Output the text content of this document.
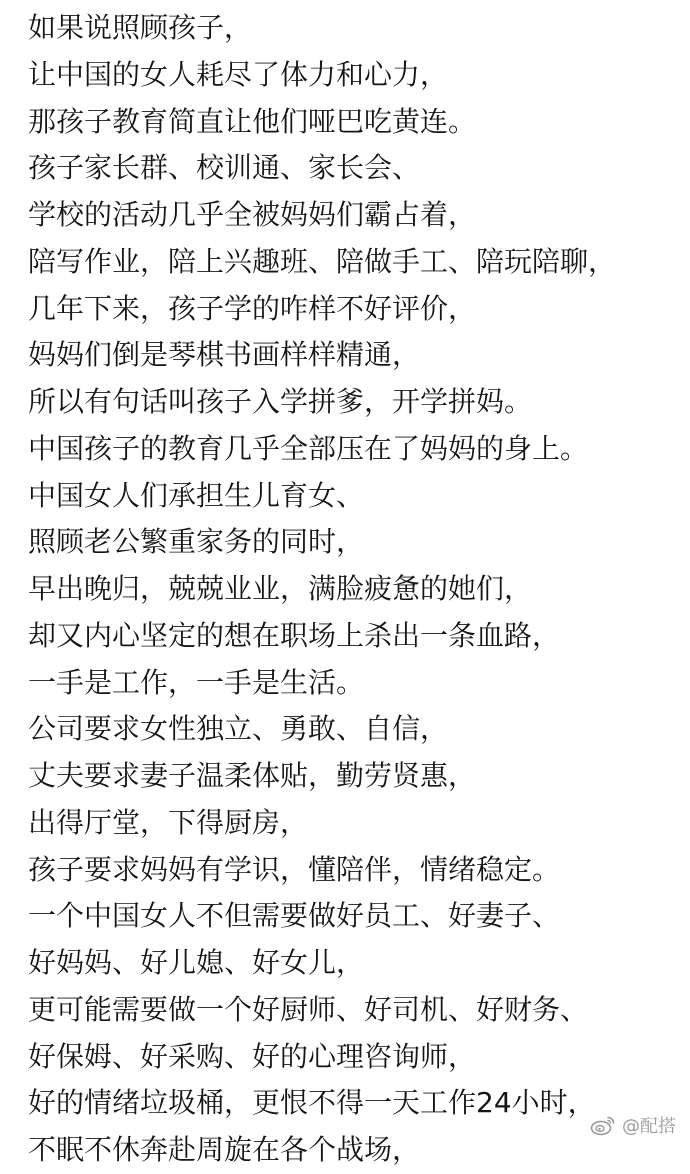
如果说照顾孩子，
让中国的女人耗尽了体力和心力，
那孩子教育简直让他们哑巴吃黄连。
孩子家长群、校训通、家长会、
学校的活动几乎全被妈妈们霸占着，
陪写作业，陪上兴趣班、陪做手工、陪玩陪聊，
几年下来，孩子学的咋样不好评价，
妈妈们倒是琴棋书画样样精通，
所以有句话叫孩子入学拼爹，开学拼妈。
中国孩子的教育几乎全部压在了妈妈的身上。
中国女人们承担生儿育女、
照顾老公繁重家务的同时，
早出晚归，兢兢业业，满脸疲惫的她们，
却又内心坚定的想在职场上杀出一条血路，
一手是工作，一手是生活。
公司要求女性独立、勇敢、自信，
丈夫要求妻子温柔体贴，勤劳贤惠，
出得厅堂，下得厨房，
孩子要求妈妈有学识，懂陪伴，情绪稳定。
一个中国女人不但需要做好员工、好妻子、
好妈妈、好儿媳、好女儿，
更可能需要做一个好厨师、好司机、好财务、
好保姆、好采购、好的心理咨询师，
好的情绪垃圾桶，更恨不得一天工作24小时，
不眠不休奔赴周旋在各个战场，
@配搭
